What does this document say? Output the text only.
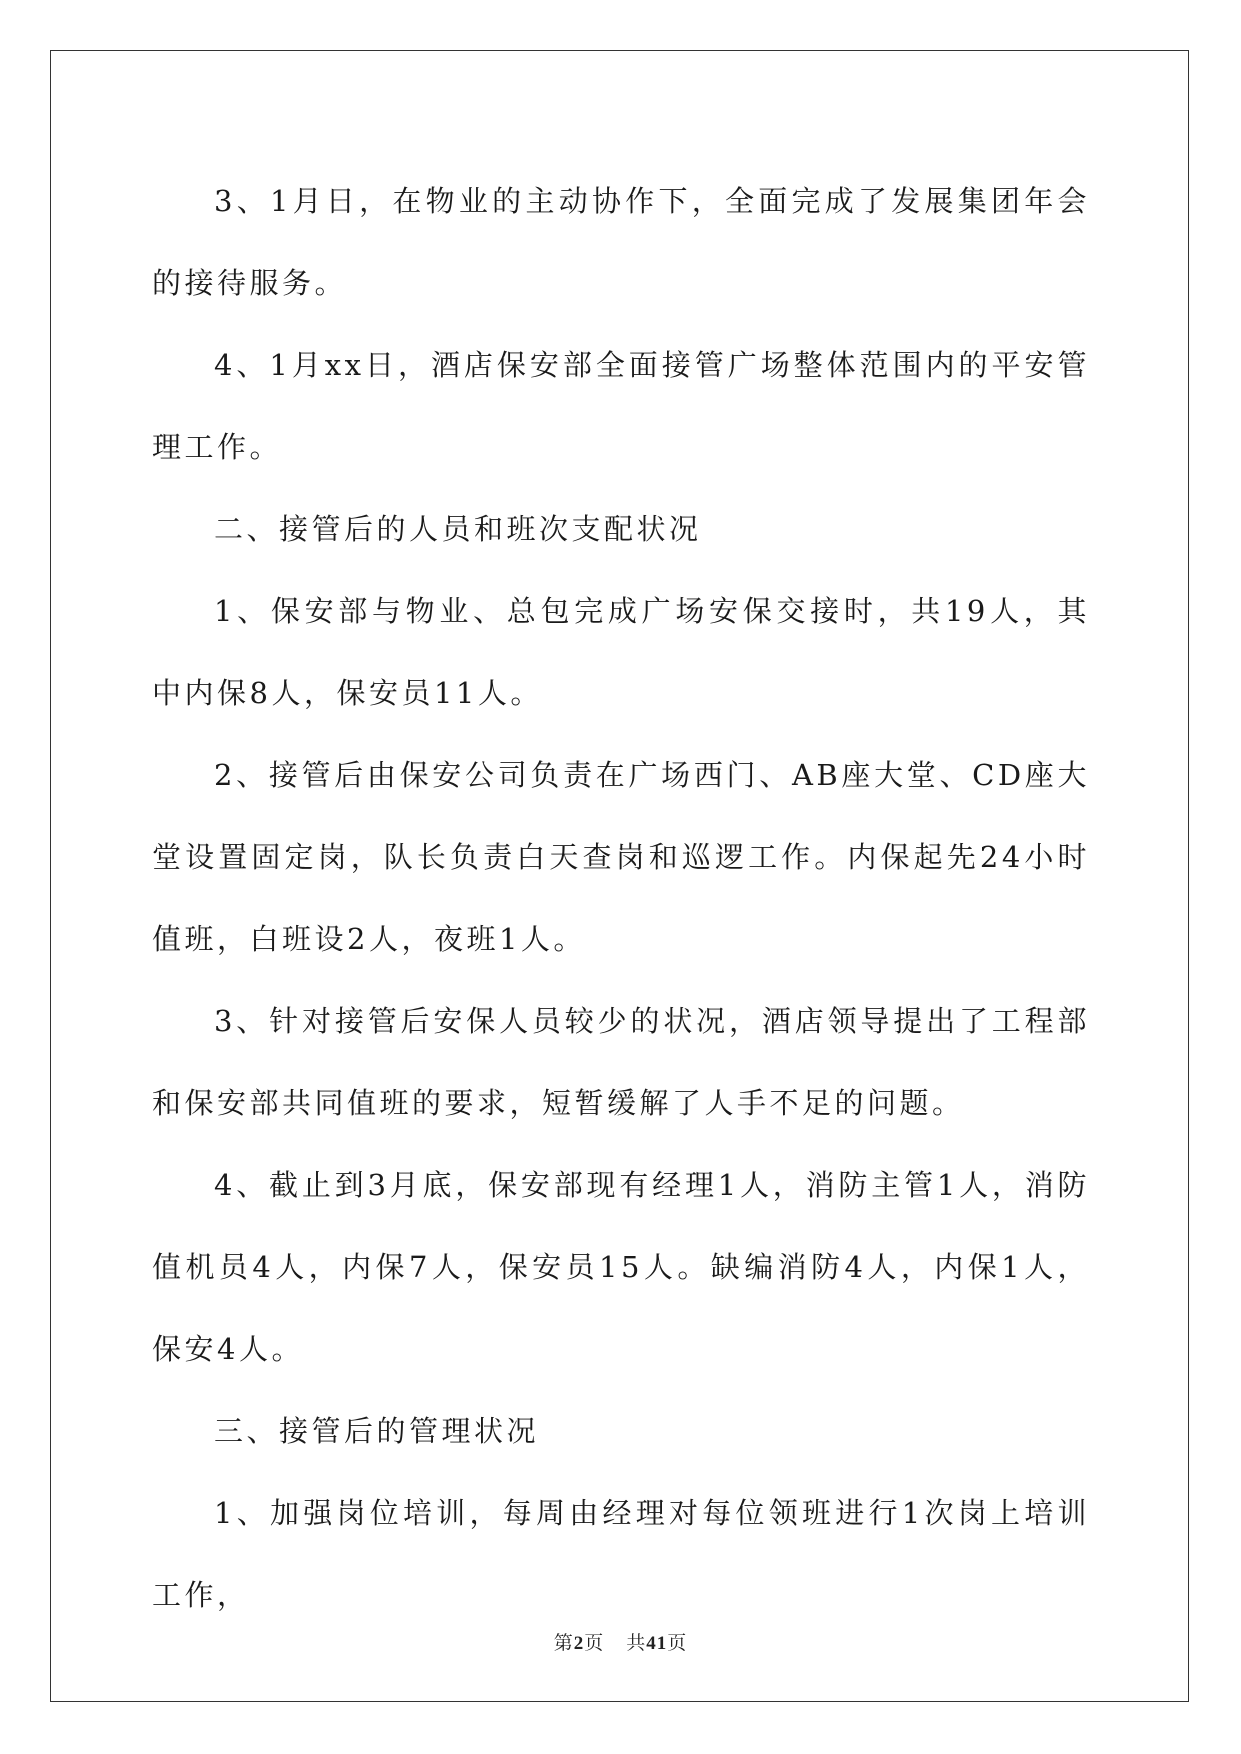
3、1月日，在物业的主动协作下，全面完成了发展集团年会的接待服务。

4、1月xx日，酒店保安部全面接管广场整体范围内的平安管理工作。

二、接管后的人员和班次支配状况

1、保安部与物业、总包完成广场安保交接时，共19人，其中内保8人，保安员11人。

2、接管后由保安公司负责在广场西门、AB座大堂、CD座大堂设置固定岗，队长负责白天查岗和巡逻工作。内保起先24小时值班，白班设2人，夜班1人。

3、针对接管后安保人员较少的状况，酒店领导提出了工程部和保安部共同值班的要求，短暂缓解了人手不足的问题。

4、截止到3月底，保安部现有经理1人，消防主管1人，消防值机员4人，内保7人，保安员15人。缺编消防4人，内保1人，保安4人。

三、接管后的管理状况

1、加强岗位培训，每周由经理对每位领班进行1次岗上培训工作，

第2页 共41页
